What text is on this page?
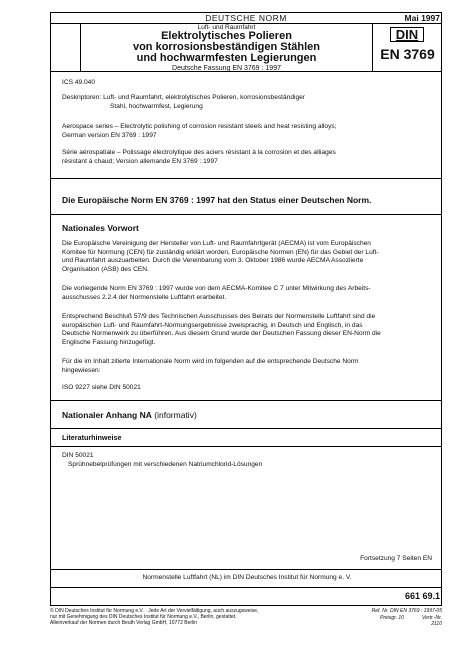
DEUTSCHE NORM	Mai 1997
Luft- und Raumfahrt
Elektrolytisches Polieren
von korrosionsbeständigen Stählen
und hochwarmfesten Legierungen
Deutsche Fassung EN 3769 : 1997
DIN
EN 3769
ICS 49.040
Deskriptoren: Luft- und Raumfahrt, elektrolytisches Polieren, korrosionsbeständiger
Stahl, hochwarmfest, Legierung
Aerospace series – Electrolytic polishing of corrosion resistant steels and heat resisting alloys;
German version EN 3769 : 1997
Série aérospatiale – Polissage électrolytique des aciers résistant à la corrosion et des alliages
résistant à chaud; Version allemande EN 3769 : 1997
Die Europäische Norm EN 3769 : 1997 hat den Status einer Deutschen Norm.
Nationales Vorwort
Die Europäische Vereinigung der Hersteller von Luft- und Raumfahrtgerät (AECMA) ist vom Europäischen
Komitee für Normung (CEN) für zuständig erklärt worden, Europäische Normen (EN) für das Gebiet der Luft-
und Raumfahrt auszuarbeiten. Durch die Vereinbarung vom 3. Oktober 1986 wurde AECMA Assoziierte
Organisation (ASB) des CEN.
Die vorliegende Norm EN 3769 : 1997 wurde von dem AECMA-Komitee C 7 unter Mitwirkung des Arbeits-
ausschusses 2.2.4 der Normenstelle Luftfahrt erarbeitet.
Entsprechend Beschluß 57/9 des Technischen Ausschusses des Beirats der Normenstelle Luftfahrt sind die
europäischen Luft- und Raumfahrt-Normungsergebnisse zweisprachig, in Deutsch und Englisch, in das
Deutsche Normenwerk zu überführen. Aus diesem Grund wurde der Deutschen Fassung dieser EN-Norm die
Englische Fassung hinzugefügt.
Für die im Inhalt zitierte Internationale Norm wird im folgenden auf die entsprechende Deutsche Norm
hingewiesen:
ISO 9227 siehe DIN 50021
Nationaler Anhang NA (informativ)
Literaturhinweise
DIN 50021
Sprühnebelprüfungen mit verschiedenen Natriumchlorid-Lösungen
Fortsetzung 7 Seiten EN
Normenstelle Luftfahrt (NL) im DIN Deutsches Institut für Normung e. V.
661 69.1
© DIN Deutsches Institut für Normung e.V. · Jede Art der Vervielfältigung, auch auszugsweise,
nur mit Genehmigung des DIN Deutsches Institut für Normung e.V., Berlin, gestattet.
Alleinverkauf der Normen durch Beuth Verlag GmbH, 10772 Berlin
Ref. Nr. DIN EN 3769 : 1997-05
Preisgr. 10	Vertr.-Nr. 2110
